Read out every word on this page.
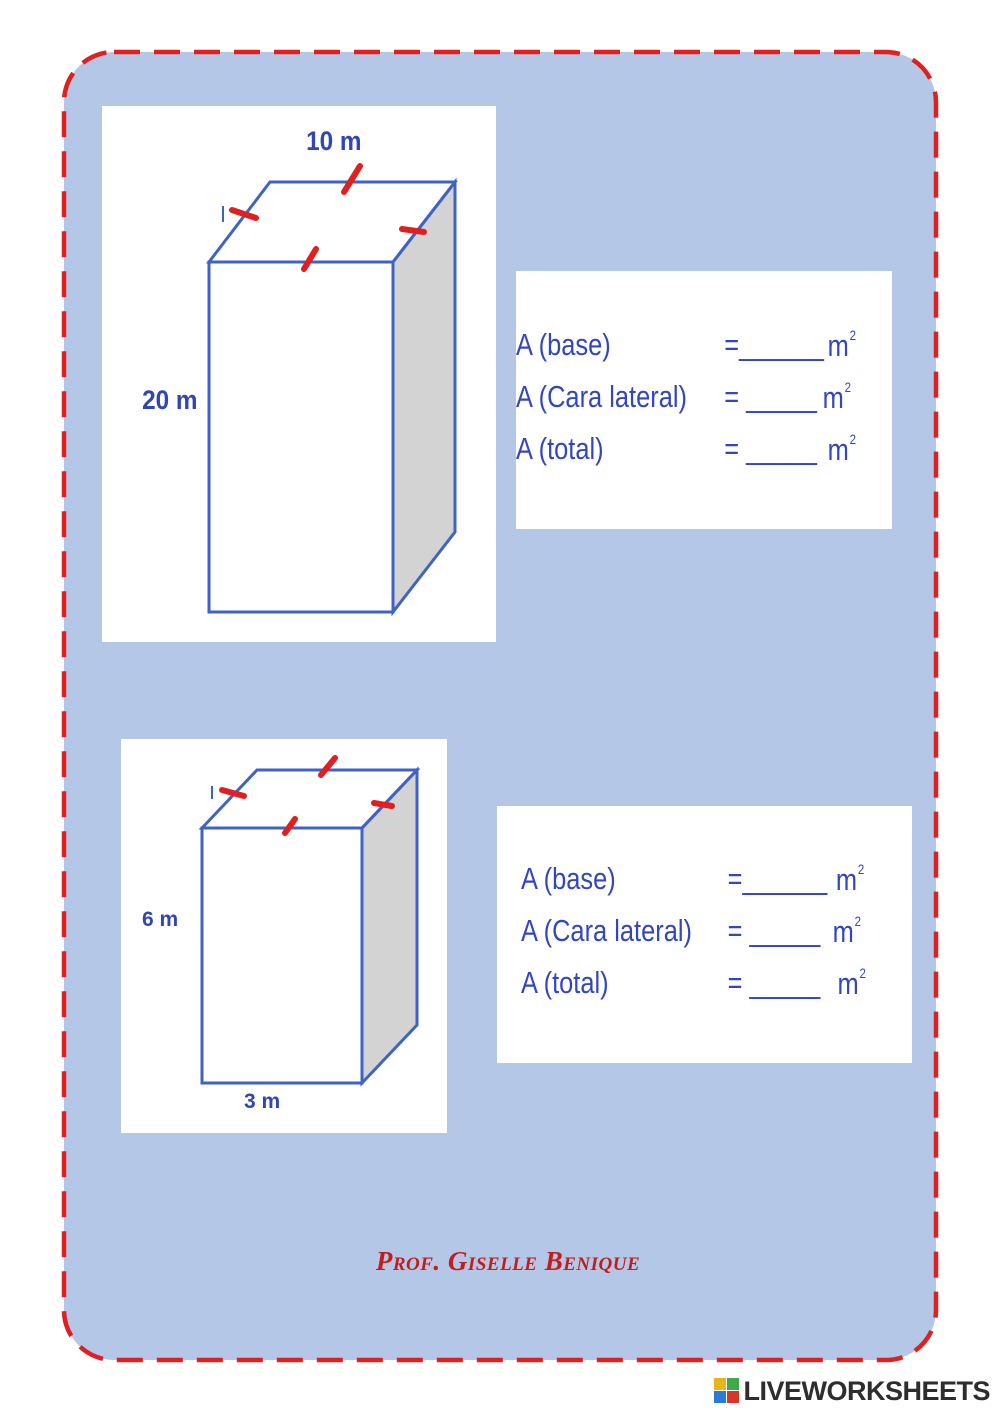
10 m
20 m
A (base)	=______ $m^2$
A (Cara lateral) = _____ $m^2$
A (total)	= _____ $m^2$
6 m
3 m
A (base)	=______ $m^2$
A (Cara lateral) = _____ $m^2$
A (total)	= _____ $m^2$
Prof. Giselle Benique
LIVEWORKSHEETS
